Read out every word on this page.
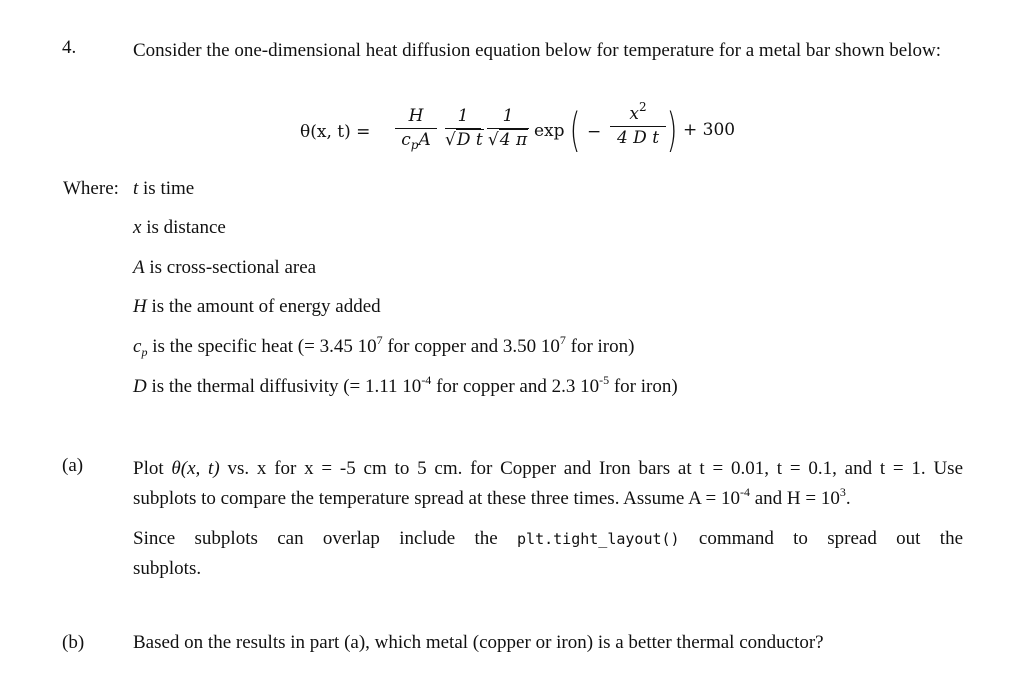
4.	Consider the one-dimensional heat diffusion equation below for temperature for a metal bar shown below:
θ(x, t) =
H
$c_pA$
1
√D t
1
√4 π exp ( −
$x^2$
4 D t ) + 300
Where: t is time
x is distance
A is cross-sectional area
H is the amount of energy added
$c_p$ is the specific heat (= 3.45 $10^7$ for copper and 3.50 $10^7$ for iron)
D is the thermal diffusivity (= 1.11 $10^{-4}$ for copper and 2.3 $10^{-5}$ for iron)
(a)	Plot θ(x, t) vs. x for x = -5 cm to 5 cm. for Copper and Iron bars at t = 0.01, t = 0.1, and t = 1. Use
subplots to compare the temperature spread at these three times. Assume $A = 10^{-4}$ and $H = 10^3$.
Since subplots can overlap include the plt.tight_layout() command to spread out the
subplots.
(b)	Based on the results in part (a), which metal (copper or iron) is a better thermal conductor?
